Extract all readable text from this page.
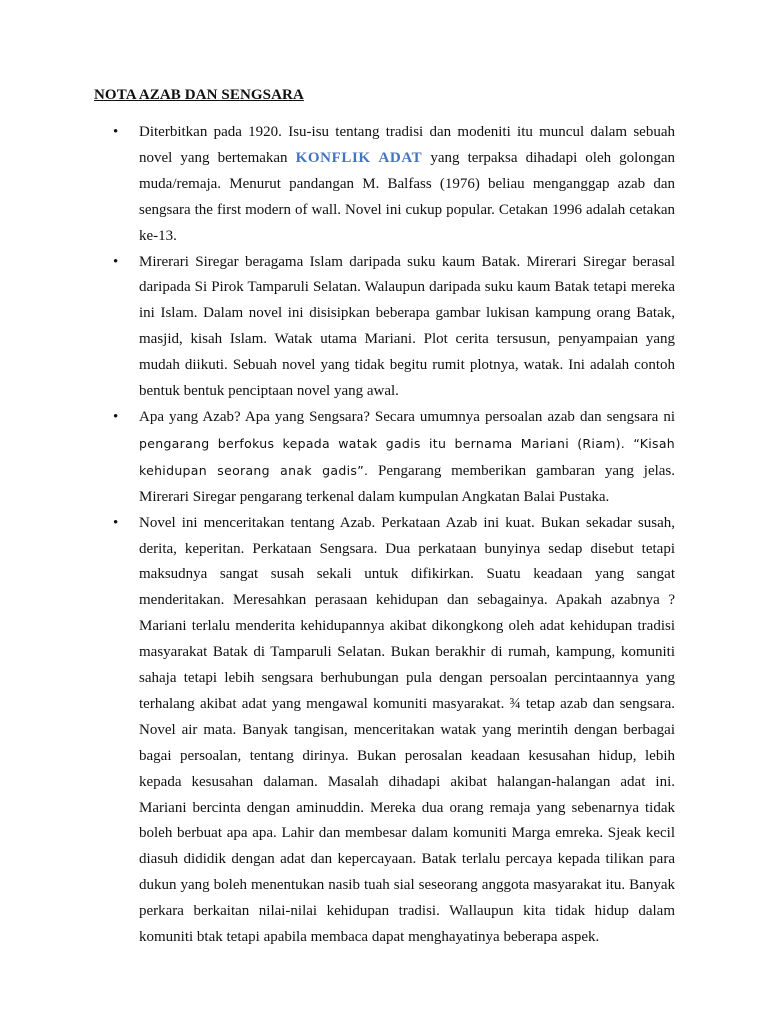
NOTA AZAB DAN SENGSARA
• Diterbitkan pada 1920. Isu-isu tentang tradisi dan modeniti itu muncul dalam sebuah novel yang bertemakan KONFLIK ADAT yang terpaksa dihadapi oleh golongan muda/remaja. Menurut pandangan M. Balfass (1976) beliau menganggap azab dan sengsara the first modern of wall. Novel ini cukup popular. Cetakan 1996 adalah cetakan ke-13.
• Mirerari Siregar beragama Islam daripada suku kaum Batak. Mirerari Siregar berasal daripada Si Pirok Tamparuli Selatan. Walaupun daripada suku kaum Batak tetapi mereka ini Islam. Dalam novel ini disisipkan beberapa gambar lukisan kampung orang Batak, masjid, kisah Islam. Watak utama Mariani. Plot cerita tersusun, penyampaian yang mudah diikuti. Sebuah novel yang tidak begitu rumit plotnya, watak. Ini adalah contoh bentuk bentuk penciptaan novel yang awal.
• Apa yang Azab? Apa yang Sengsara? Secara umumnya persoalan azab dan sengsara ni pengarang berfokus kepada watak gadis itu bernama Mariani (Riam). “Kisah kehidupan seorang anak gadis”. Pengarang memberikan gambaran yang jelas. Mirerari Siregar pengarang terkenal dalam kumpulan Angkatan Balai Pustaka.
• Novel ini menceritakan tentang Azab. Perkataan Azab ini kuat. Bukan sekadar susah, derita, keperitan. Perkataan Sengsara. Dua perkataan bunyinya sedap disebut tetapi maksudnya sangat susah sekali untuk difikirkan. Suatu keadaan yang sangat menderitakan. Meresahkan perasaan kehidupan dan sebagainya. Apakah azabnya ? Mariani terlalu menderita kehidupannya akibat dikongkong oleh adat kehidupan tradisi masyarakat Batak di Tamparuli Selatan. Bukan berakhir di rumah, kampung, komuniti sahaja tetapi lebih sengsara berhubungan pula dengan persoalan percintaannya yang terhalang akibat adat yang mengawal komuniti masyarakat. ¾ tetap azab dan sengsara. Novel air mata. Banyak tangisan, menceritakan watak yang merintih dengan berbagai bagai persoalan, tentang dirinya. Bukan perosalan keadaan kesusahan hidup, lebih kepada kesusahan dalaman. Masalah dihadapi akibat halangan-halangan adat ini. Mariani bercinta dengan aminuddin. Mereka dua orang remaja yang sebenarnya tidak boleh berbuat apa apa. Lahir dan membesar dalam komuniti Marga emreka. Sjeak kecil diasuh dididik dengan adat dan kepercayaan. Batak terlalu percaya kepada tilikan para dukun yang boleh menentukan nasib tuah sial seseorang anggota masyarakat itu. Banyak perkara berkaitan nilai-nilai kehidupan tradisi. Wallaupun kita tidak hidup dalam komuniti btak tetapi apabila membaca dapat menghayatinya beberapa aspek.
